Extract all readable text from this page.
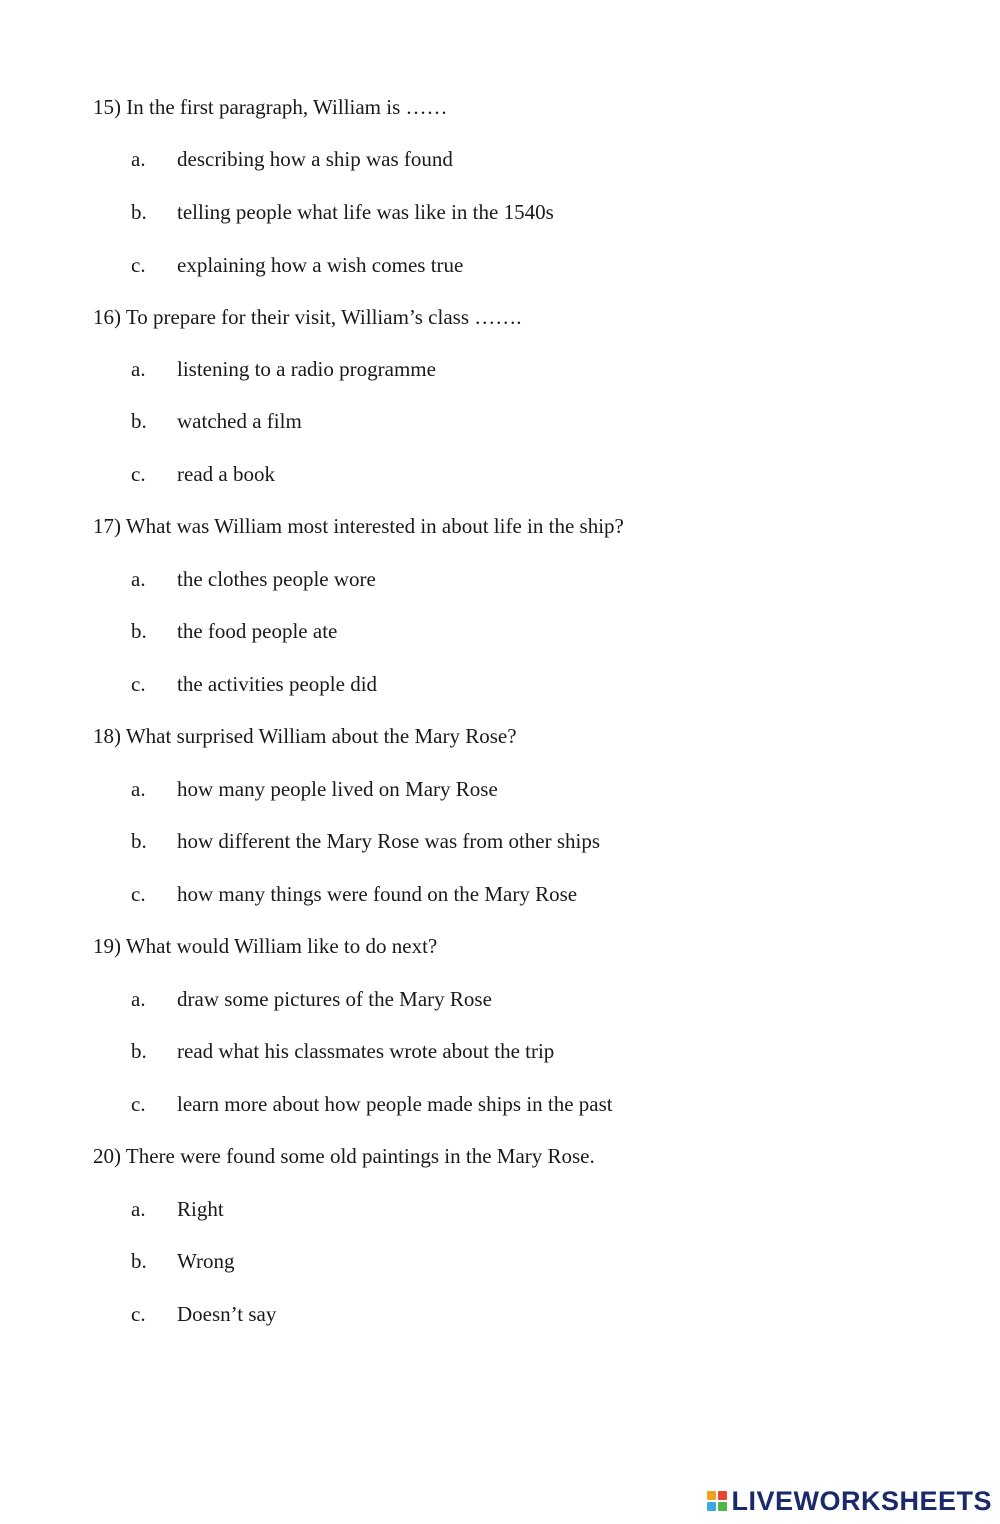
15) In the first paragraph, William is ……
a. describing how a ship was found
b. telling people what life was like in the 1540s
c. explaining how a wish comes true
16) To prepare for their visit, William’s class …….
a. listening to a radio programme
b. watched a film
c. read a book
17) What was William most interested in about life in the ship?
a. the clothes people wore
b. the food people ate
c. the activities people did
18) What surprised William about the Mary Rose?
a. how many people lived on Mary Rose
b. how different the Mary Rose was from other ships
c. how many things were found on the Mary Rose
19) What would William like to do next?
a. draw some pictures of the Mary Rose
b. read what his classmates wrote about the trip
c. learn more about how people made ships in the past
20) There were found some old paintings in the Mary Rose.
a. Right
b. Wrong
c. Doesn’t say
LIVEWORKSHEETS
